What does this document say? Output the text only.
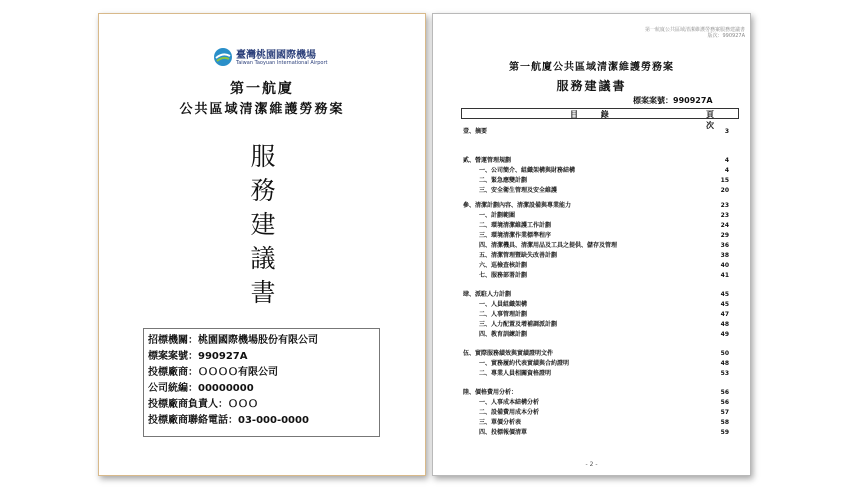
臺灣桃園國際機場
Taiwan Taoyuan International Airport
第一航廈
公共區域清潔維護勞務案
服
務
建
議
書
招標機關：桃園國際機場股份有限公司
標案案號：990927A
投標廠商：ＯＯＯＯ有限公司
公司統編：00000000
投標廠商負責人：ＯＯＯ
投標廠商聯絡電話：03-000-0000
第一航廈公共區域清潔維護勞務案服務建議書
版次：990927A
第一航廈公共區域清潔維護勞務案
服務建議書
標案案號：990927A
目 錄	頁 次
壹、摘要	3
貳、營運管理規劃	4
一、公司簡介、組織架構與財務結構	4
二、緊急應變計劃	15
三、安全衛生管理及安全維護	20
參、清潔計劃內容、清潔設備與專業能力	23
一、計劃範圍	23
二、環境清潔維護工作計劃	24
三、環境清潔作業標準程序	29
四、清潔機具、清潔用品及工具之提供、儲存及管理	36
五、清潔管理暨缺失改善計劃	38
六、巡檢查核計劃	40
七、服務部署計劃	41
肆、派駐人力計劃	45
一、人員組織架構	45
二、人事管理計劃	47
三、人力配置及增補調派計劃	48
四、教育訓練計劃	49
伍、實際服務績效與實績證明文件	50
一、實務履約代表實績與合約證明	48
二、專業人員相關資格證明	53
陸、價格費用分析：	56
一、人事成本結構分析	56
二、設備費用成本分析	57
三、單價分析表	58
四、投標報價清單	59
- 2 -
